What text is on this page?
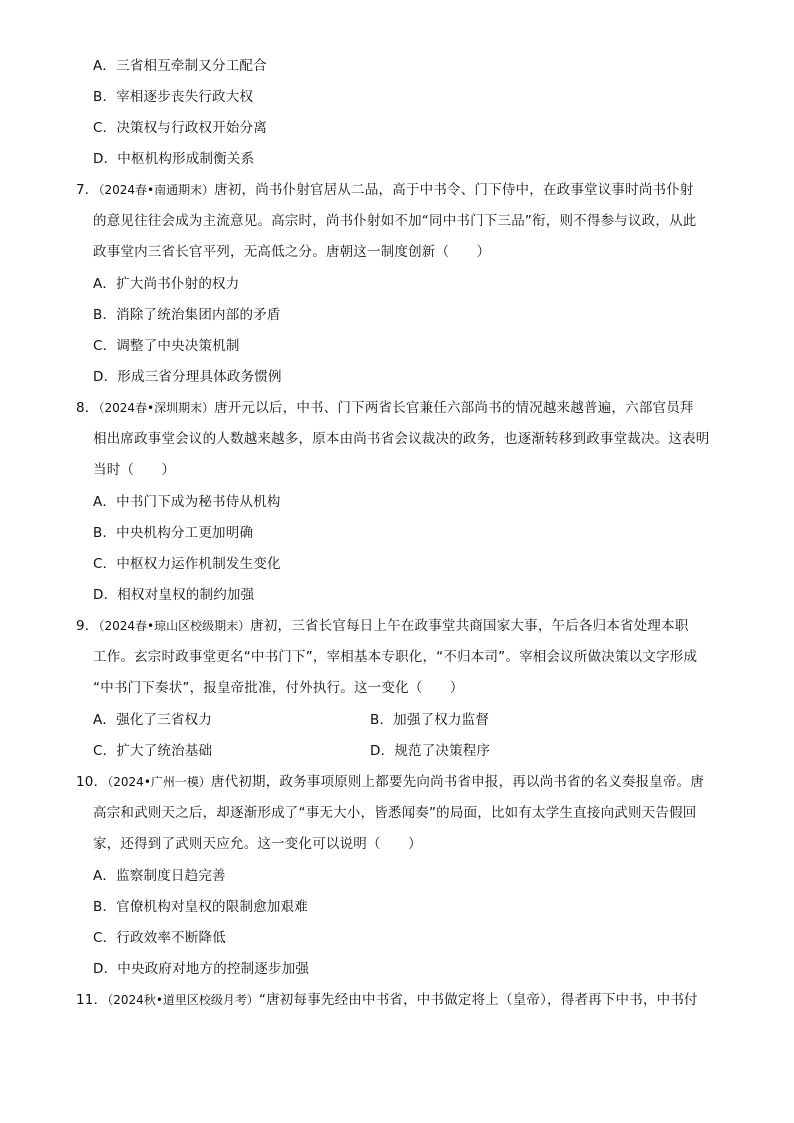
A．三省相互牵制又分工配合
B．宰相逐步丧失行政大权
C．决策权与行政权开始分离
D．中枢机构形成制衡关系
7．（2024春•南通期末）唐初，尚书仆射官居从二品，高于中书令、门下侍中，在政事堂议事时尚书仆射
的意见往往会成为主流意见。高宗时，尚书仆射如不加“同中书门下三品”衔，则不得参与议政，从此
政事堂内三省长官平列，无高低之分。唐朝这一制度创新（　　）
A．扩大尚书仆射的权力
B．消除了统治集团内部的矛盾
C．调整了中央决策机制
D．形成三省分理具体政务惯例
8．（2024春•深圳期末）唐开元以后，中书、门下两省长官兼任六部尚书的情况越来越普遍，六部官员拜
相出席政事堂会议的人数越来越多，原本由尚书省会议裁决的政务，也逐渐转移到政事堂裁决。这表明
当时（　　）
A．中书门下成为秘书侍从机构
B．中央机构分工更加明确
C．中枢权力运作机制发生变化
D．相权对皇权的制约加强
9．（2024春•琼山区校级期末）唐初，三省长官每日上午在政事堂共商国家大事，午后各归本省处理本职
工作。玄宗时政事堂更名“中书门下”，宰相基本专职化，“不归本司”。宰相会议所做决策以文字形成
“中书门下奏状”，报皇帝批准，付外执行。这一变化（　　）
A．强化了三省权力	B．加强了权力监督
C．扩大了统治基础	D．规范了决策程序
10．（2024•广州一模）唐代初期，政务事项原则上都要先向尚书省申报，再以尚书省的名义奏报皇帝。唐
高宗和武则天之后，却逐渐形成了“事无大小，皆悉闻奏”的局面，比如有太学生直接向武则天告假回
家，还得到了武则天应允。这一变化可以说明（　　）
A．监察制度日趋完善
B．官僚机构对皇权的限制愈加艰难
C．行政效率不断降低
D．中央政府对地方的控制逐步加强
11．（2024秋•道里区校级月考）“唐初每事先经由中书省，中书做定将上（皇帝），得者再下中书，中书付
